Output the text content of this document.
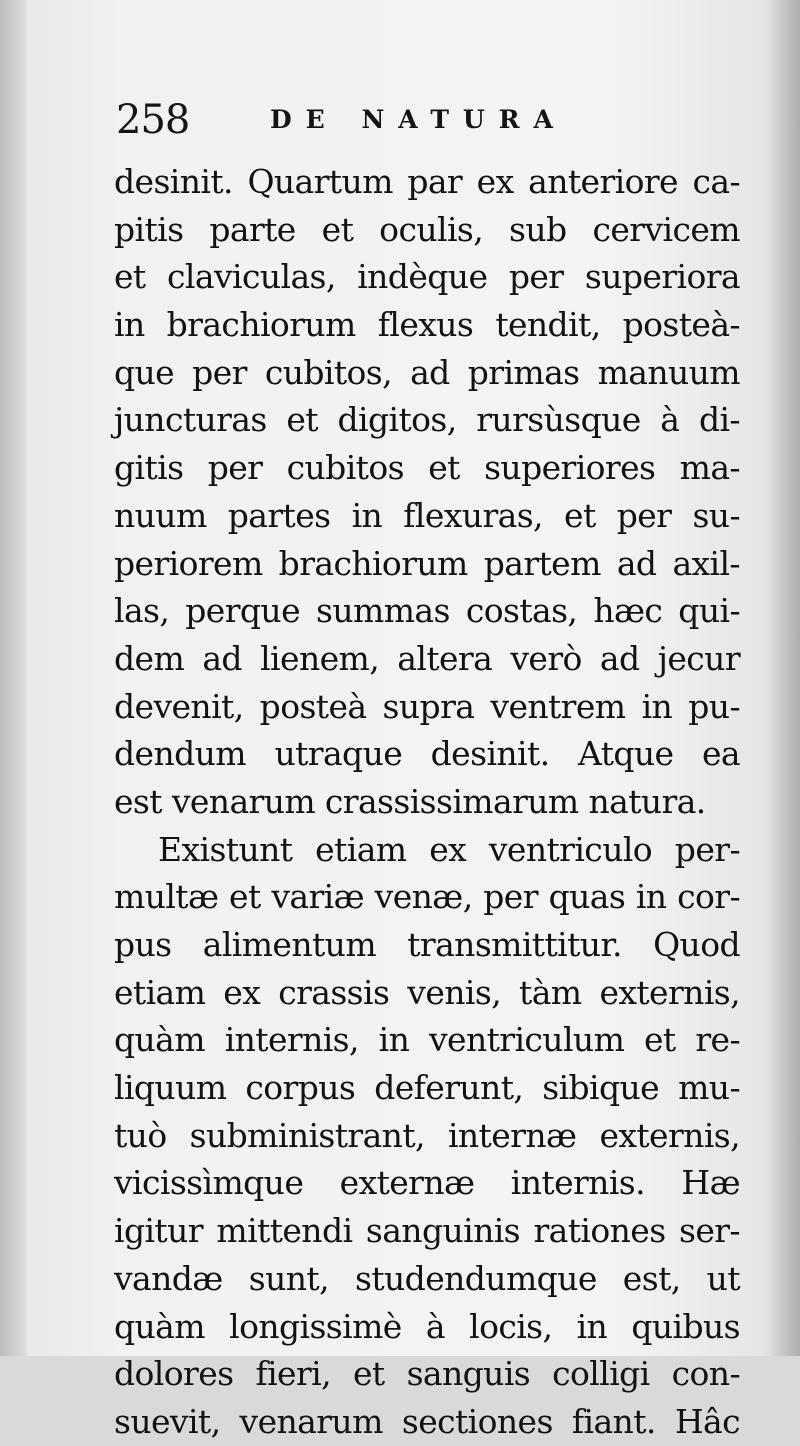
258	DE NATURA
desinit. Quartum par ex anteriore ca-
pitis parte et oculis, sub cervicem
et claviculas, indèque per superiora
in brachiorum flexus tendit, posteà-
que per cubitos, ad primas manuum
juncturas et digitos, rursùsque à di-
gitis per cubitos et superiores ma-
nuum partes in flexuras, et per su-
periorem brachiorum partem ad axil-
las, perque summas costas, hæc qui-
dem ad lienem, altera verò ad jecur
devenit, posteà supra ventrem in pu-
dendum utraque desinit. Atque ea
est venarum crassissimarum natura.
Existunt etiam ex ventriculo per-
multæ et variæ venæ, per quas in cor-
pus alimentum transmittitur. Quod
etiam ex crassis venis, tàm externis,
quàm internis, in ventriculum et re-
liquum corpus deferunt, sibique mu-
tuò subministrant, internæ externis,
vicissìmque externæ internis. Hæ
igitur mittendi sanguinis rationes ser-
vandæ sunt, studendumque est, ut
quàm longissimè à locis, in quibus
dolores fieri, et sanguis colligi con-
suevit, venarum sectiones fiant. Hâc
